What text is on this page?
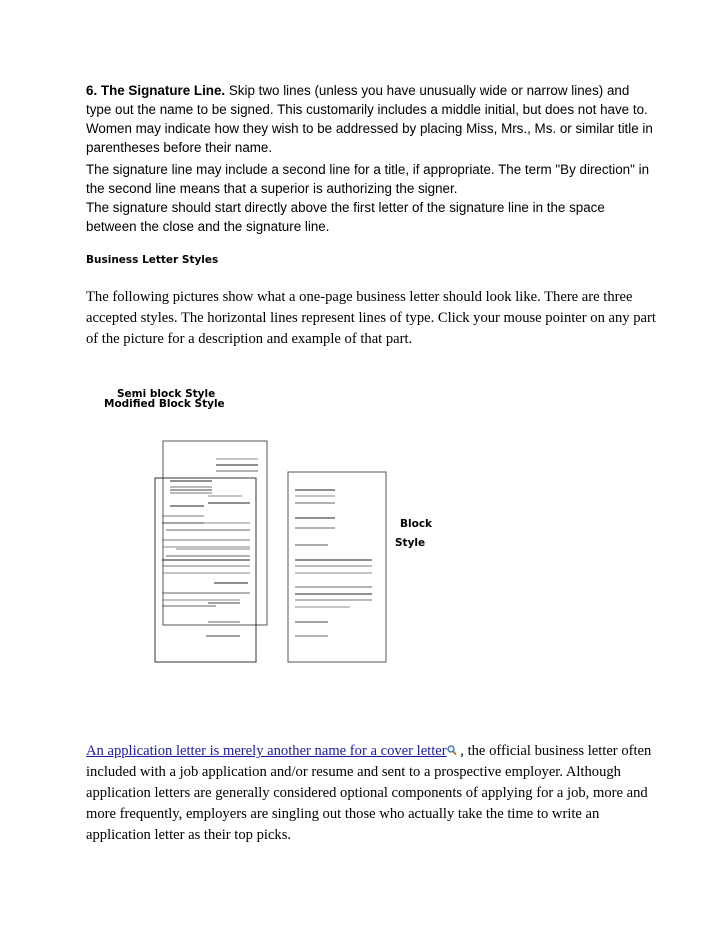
6. The Signature Line. Skip two lines (unless you have unusually wide or narrow lines) and type out the name to be signed. This customarily includes a middle initial, but does not have to. Women may indicate how they wish to be addressed by placing Miss, Mrs., Ms. or similar title in parentheses before their name.

The signature line may include a second line for a title, if appropriate. The term "By direction" in the second line means that a superior is authorizing the signer.
The signature should start directly above the first letter of the signature line in the space between the close and the signature line.

Business Letter Styles

The following pictures show what a one-page business letter should look like. There are three accepted styles. The horizontal lines represent lines of type. Click your mouse pointer on any part of the picture for a description and example of that part.

Semi block Style
Modified Block Style
Block
Style

An application letter is merely another name for a cover letter , the official business letter often included with a job application and/or resume and sent to a prospective employer. Although application letters are generally considered optional components of applying for a job, more and more frequently, employers are singling out those who actually take the time to write an application letter as their top picks.
